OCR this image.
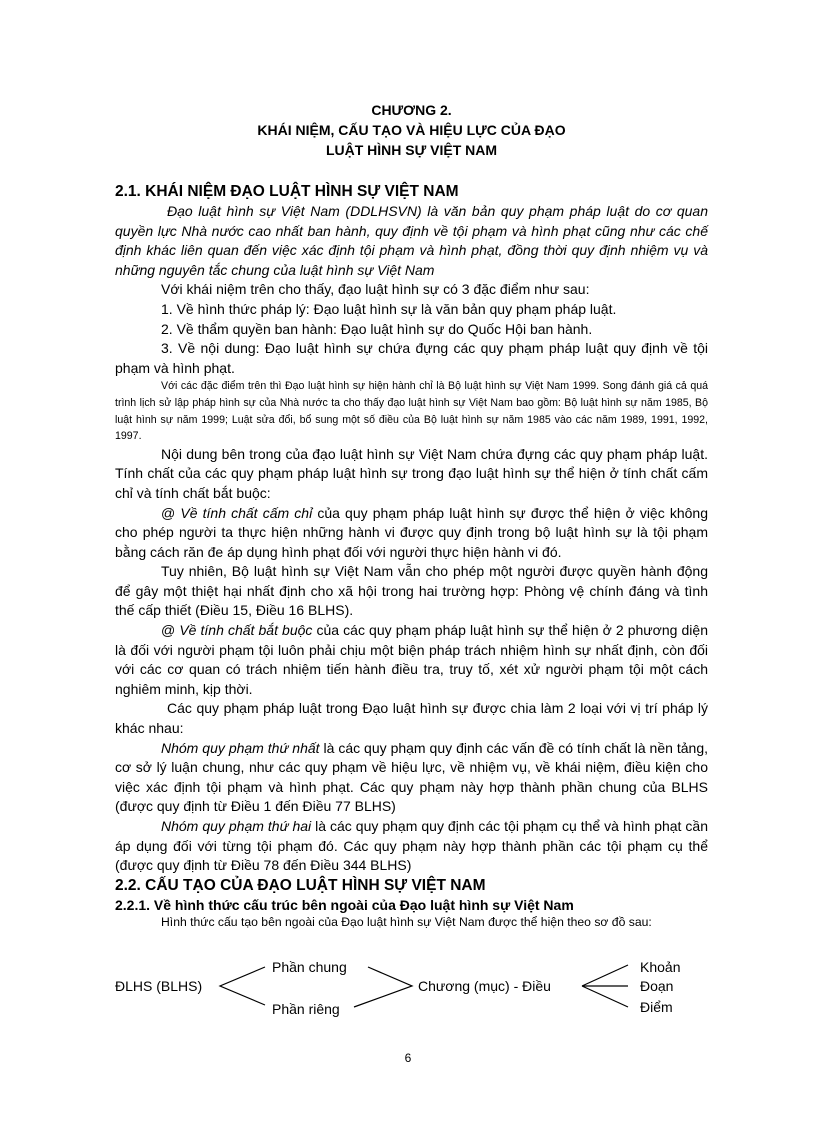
CHƯƠNG 2.

KHÁI NIỆM, CẤU TẠO VÀ HIỆU LỰC CỦA ĐẠO

LUẬT HÌNH SỰ VIỆT NAM

2.1. KHÁI NIỆM ĐẠO LUẬT HÌNH SỰ VIỆT NAM

Đạo luật hình sự Việt Nam (DDLHSVN) là văn bản quy phạm pháp luật do cơ quan quyền lực Nhà nước cao nhất ban hành, quy định về tội phạm và hình phạt cũng như các chế định khác liên quan đến việc xác định tội phạm và hình phạt, đồng thời quy định nhiệm vụ và những nguyên tắc chung của luật hình sự Việt Nam

Với khái niệm trên cho thấy, đạo luật hình sự có 3 đặc điểm như sau:

1. Về hình thức pháp lý: Đạo luật hình sự là văn bản quy phạm pháp luật.

2. Về thẩm quyền ban hành: Đạo luật hình sự do Quốc Hội ban hành.

3. Về nội dung: Đạo luật hình sự chứa đựng các quy phạm pháp luật quy định về tội phạm và hình phạt.

Với các đặc điểm trên thì Đạo luật hình sự hiện hành chỉ là Bộ luật hình sự Việt Nam 1999. Song đánh giá cả quá trình lịch sử lập pháp hình sự của Nhà nước ta cho thấy đạo luật hình sự Việt Nam bao gồm: Bộ luật hình sự năm 1985, Bộ luật hình sự năm 1999; Luật sửa đổi, bổ sung một số điều của Bộ luật hình sự năm 1985 vào các năm 1989, 1991, 1992, 1997.

Nội dung bên trong của đạo luật hình sự Việt Nam chứa đựng các quy phạm pháp luật. Tính chất của các quy phạm pháp luật hình sự trong đạo luật hình sự thể hiện ở tính chất cấm chỉ và tính chất bắt buộc:

@ Về tính chất cấm chỉ của quy phạm pháp luật hình sự được thể hiện ở việc không cho phép người ta thực hiện những hành vi được quy định trong bộ luật hình sự là tội phạm bằng cách răn đe áp dụng hình phạt đối với người thực hiện hành vi đó.

Tuy nhiên, Bộ luật hình sự Việt Nam vẫn cho phép một người được quyền hành động để gây một thiệt hại nhất định cho xã hội trong hai trường hợp: Phòng vệ chính đáng và tình thế cấp thiết (Điều 15, Điều 16 BLHS).

@ Về tính chất bắt buộc của các quy phạm pháp luật hình sự thể hiện ở 2 phương diện là đối với người phạm tội luôn phải chịu một biện pháp trách nhiệm hình sự nhất định, còn đối với các cơ quan có trách nhiệm tiến hành điều tra, truy tố, xét xử người phạm tội một cách nghiêm minh, kịp thời.

Các quy phạm pháp luật trong Đạo luật hình sự được chia làm 2 loại với vị trí pháp lý khác nhau:

Nhóm quy phạm thứ nhất là các quy phạm quy định các vấn đề có tính chất là nền tảng, cơ sở lý luận chung, như các quy phạm về hiệu lực, về nhiệm vụ, về khái niệm, điều kiện cho việc xác định tội phạm và hình phạt. Các quy phạm này hợp thành phần chung của BLHS (được quy định từ Điều 1 đến Điều 77 BLHS)

Nhóm quy phạm thứ hai là các quy phạm quy định các tội phạm cụ thể và hình phạt cần áp dụng đối với từng tội phạm đó. Các quy phạm này hợp thành phần các tội phạm cụ thể (được quy định từ Điều 78 đến Điều 344 BLHS)

2.2. CẤU TẠO CỦA ĐẠO LUẬT HÌNH SỰ VIỆT NAM

2.2.1. Về hình thức cấu trúc bên ngoài của Đạo luật hình sự Việt Nam

Hình thức cấu tạo bên ngoài của Đạo luật hình sự Việt Nam được thể hiện theo sơ đồ sau:

ĐLHS (BLHS)
Phần chung
Phần riêng
Chương (mục) - Điều
Khoản
Đoạn
Điểm
6
